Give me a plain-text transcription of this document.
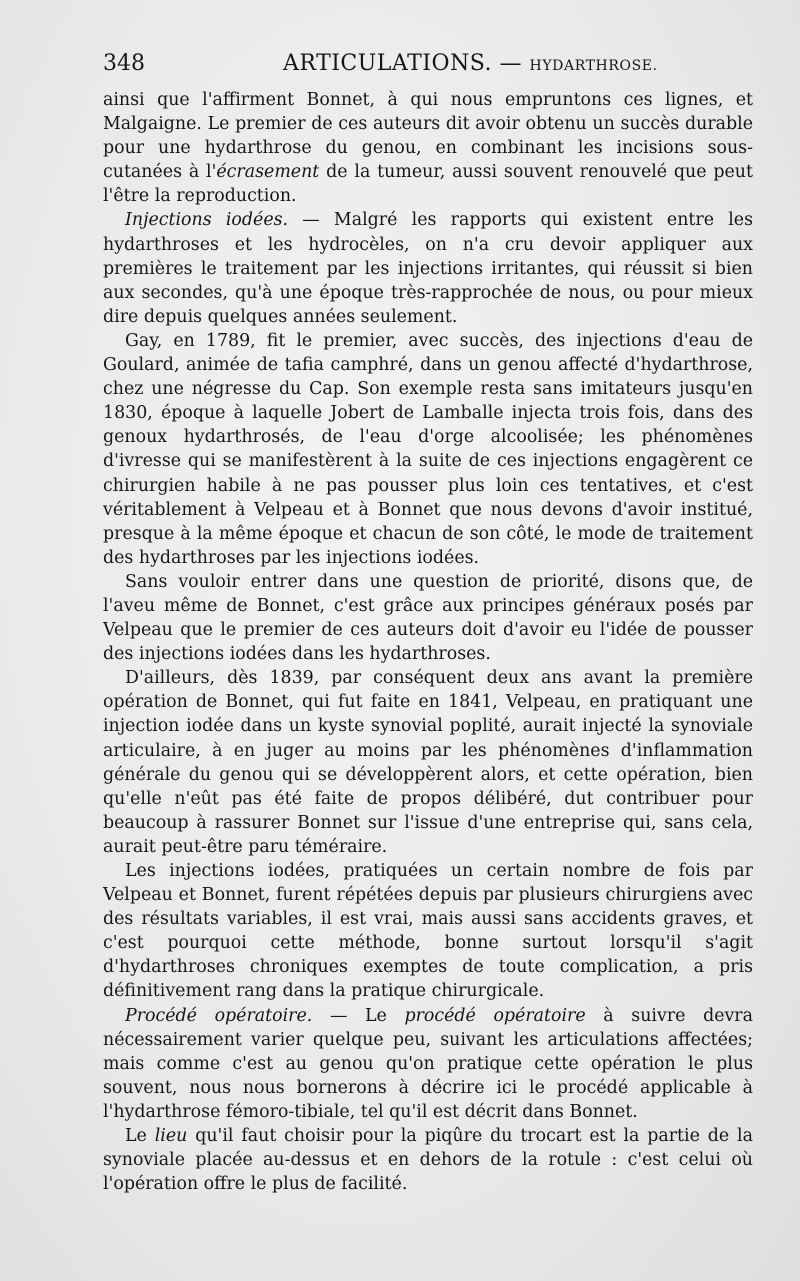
348	ARTICULATIONS. — HYDARTHROSE.

ainsi que l'affirment Bonnet, à qui nous empruntons ces lignes, et Malgaigne. Le premier de ces auteurs dit avoir obtenu un succès durable pour une hydarthrose du genou, en combinant les incisions sous-cutanées à l'écrasement de la tumeur, aussi souvent renouvelé que peut l'être la reproduction.

Injections iodées. — Malgré les rapports qui existent entre les hydarthroses et les hydrocèles, on n'a cru devoir appliquer aux premières le traitement par les injections irritantes, qui réussit si bien aux secondes, qu'à une époque très-rapprochée de nous, ou pour mieux dire depuis quelques années seulement.

Gay, en 1789, fit le premier, avec succès, des injections d'eau de Goulard, animée de tafia camphré, dans un genou affecté d'hydarthrose, chez une négresse du Cap. Son exemple resta sans imitateurs jusqu'en 1830, époque à laquelle Jobert de Lamballe injecta trois fois, dans des genoux hydarthrosés, de l'eau d'orge alcoolisée; les phénomènes d'ivresse qui se manifestèrent à la suite de ces injections engagèrent ce chirurgien habile à ne pas pousser plus loin ces tentatives, et c'est véritablement à Velpeau et à Bonnet que nous devons d'avoir institué, presque à la même époque et chacun de son côté, le mode de traitement des hydarthroses par les injections iodées.

Sans vouloir entrer dans une question de priorité, disons que, de l'aveu même de Bonnet, c'est grâce aux principes généraux posés par Velpeau que le premier de ces auteurs doit d'avoir eu l'idée de pousser des injections iodées dans les hydarthroses.

D'ailleurs, dès 1839, par conséquent deux ans avant la première opération de Bonnet, qui fut faite en 1841, Velpeau, en pratiquant une injection iodée dans un kyste synovial poplité, aurait injecté la synoviale articulaire, à en juger au moins par les phénomènes d'inflammation générale du genou qui se développèrent alors, et cette opération, bien qu'elle n'eût pas été faite de propos délibéré, dut contribuer pour beaucoup à rassurer Bonnet sur l'issue d'une entreprise qui, sans cela, aurait peut-être paru téméraire.

Les injections iodées, pratiquées un certain nombre de fois par Velpeau et Bonnet, furent répétées depuis par plusieurs chirurgiens avec des résultats variables, il est vrai, mais aussi sans accidents graves, et c'est pourquoi cette méthode, bonne surtout lorsqu'il s'agit d'hydarthroses chroniques exemptes de toute complication, a pris définitivement rang dans la pratique chirurgicale.

Procédé opératoire. — Le procédé opératoire à suivre devra nécessairement varier quelque peu, suivant les articulations affectées; mais comme c'est au genou qu'on pratique cette opération le plus souvent, nous nous bornerons à décrire ici le procédé applicable à l'hydarthrose fémoro-tibiale, tel qu'il est décrit dans Bonnet.

Le lieu qu'il faut choisir pour la piqûre du trocart est la partie de la synoviale placée au-dessus et en dehors de la rotule : c'est celui où l'opération offre le plus de facilité.
